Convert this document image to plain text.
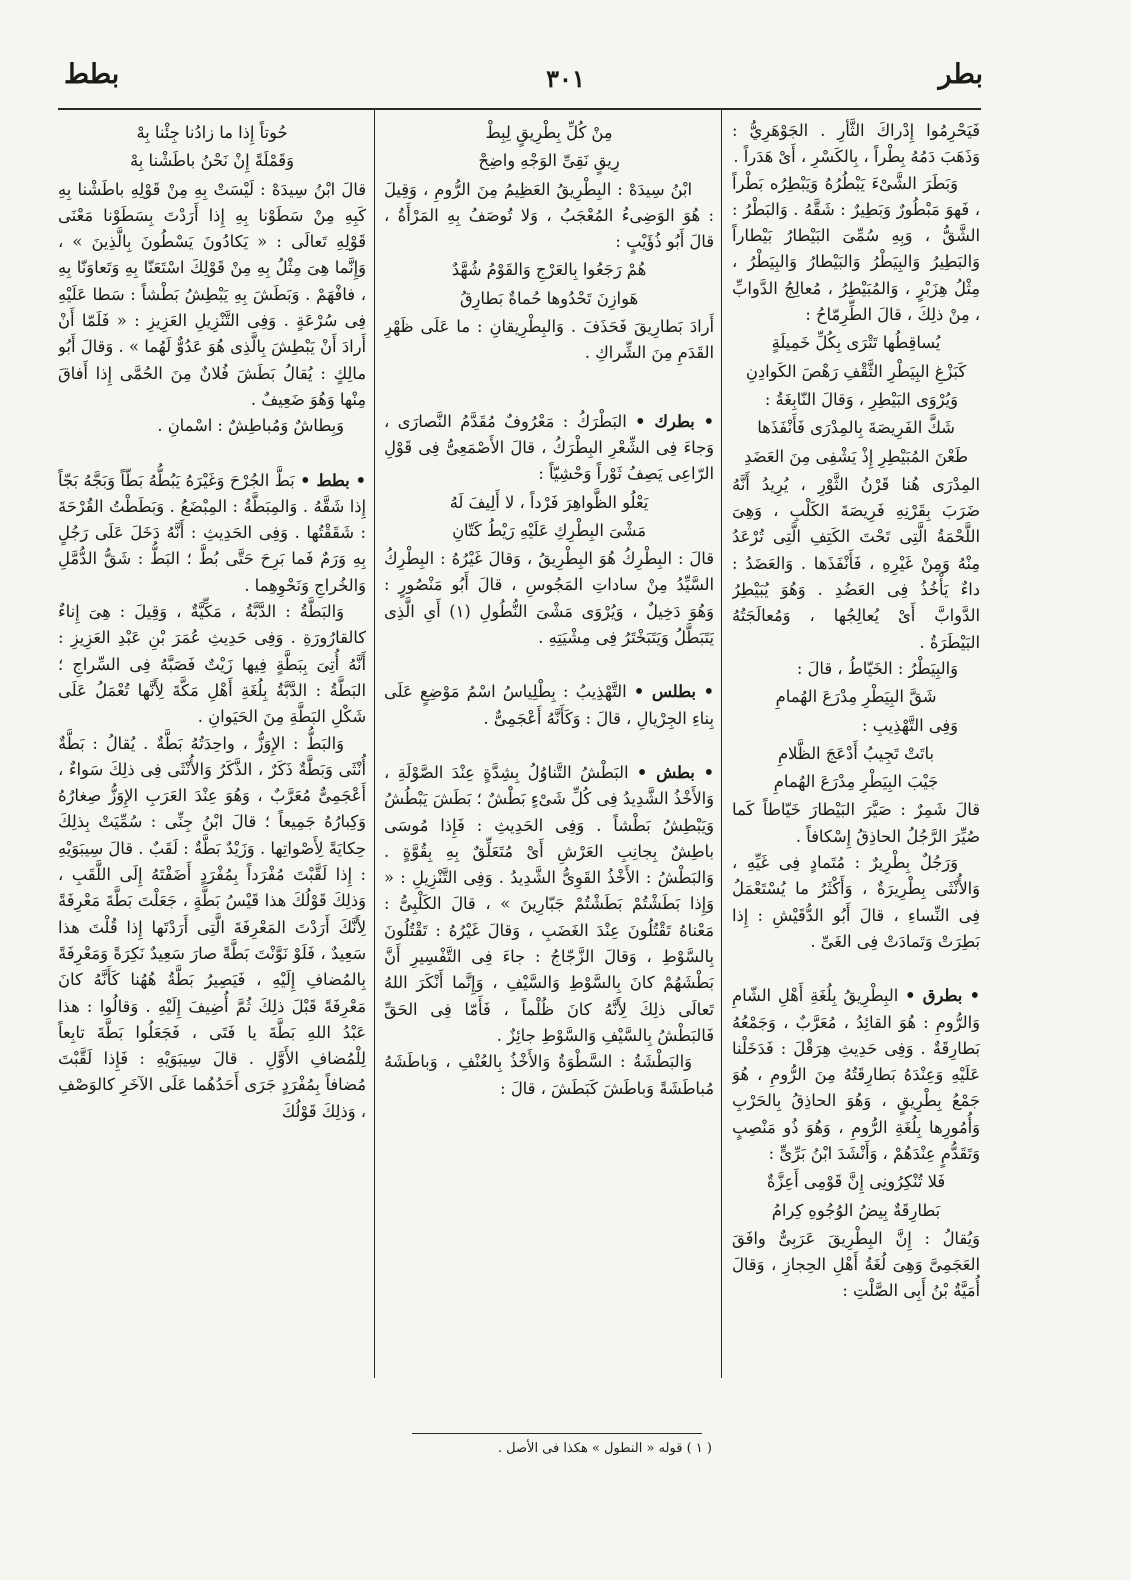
بطر
٣٠١
بطط

فَيَحْرِمُوا إِدْراكَ الثَّأْرِ . الجَوْهَرِيُّ : وَذَهَبَ دَمُهُ بِطْراً ، بِالكَسْرِ ، أَىْ هَدَراً .

وَبَطَرَ الشَّىْءَ يَبْطُرُهُ وَيَبْطِرُه بَطْراً ، فَهوَ مَبْطُورٌ وَبَطِيرٌ : شَقَّهُ . وَالبَطْرُ : الشَّقُّ ، وَبِهِ سُمِّىَ البَيْطارُ بَيْطاراً وَالبَطِيرُ وَالبِيَطْرُ وَالبَيْطارُ وَالبِيَطْرُ ، مِثْلُ هِزَبْرٍ ، وَالمُبَيْطِرُ ، مُعالِجُ الدَّوابِّ ، مِنْ ذلِكَ ، قالَ الطِّرِمّاحُ :

يُساقِطُها تَتْرَى بِكُلِّ خَمِيلَةٍ

كَبَزْغِ البِيَطْرِ الثَّقْفِ رَهْصَ الكَوادِنِ

وَيُرْوَى البَيْطِرِ ، وَقالَ النّابِغَةُ :

شَكَّ الفَرِيصَةَ بِالمِدْرَى فَأَنْفَذَها

طَعْنَ المُبَيْطِرِ إِذْ يَشْفِى مِنَ العَضَدِ

المِدْرَى هُنا قَرْنُ الثَّوْرِ ، يُرِيدُ أَنَّهُ ضَرَبَ بِقَرْنِهِ فَرِيصَةَ الكَلْبِ ، وَهِىَ اللَّحْمَةُ الَّتِى تَحْتَ الكَتِفِ الَّتِى تُرْعَدُ مِنْهُ وَمِنْ غَيْرِهِ ، فَأَنْفَذَها . وَالعَضَدُ : داءٌ يَأْخُذُ فِى العَضُدِ . وَهُوَ يُبَيْطِرُ الدَّوابَّ أَىْ يُعالِجُها ، وَمُعالَجَتُهُ البَيْطَرَةُ .

وَالبِيَطْرُ : الخَيّاطُ ، قالَ :

شَقَّ البِيَطْرِ مِدْرَعَ الهُمامِ

وَفِى التَّهْذِيبِ :

باتَتْ تَجِيبُ أَدْعَجَ الظَّلامِ

جَيْبَ البِيَطْرِ مِدْرَعَ الهُمامِ

قالَ شَمِرٌ : صَيَّرَ البَيْطارَ خَيّاطاً كَما صُيِّرَ الرَّجُلُ الحاذِقُ إِسْكافاً .

وَرَجُلٌ بِطْرِيرٌ : مُتَمادٍ فِى غَيِّهِ ، وَالأُنْثَى بِطْرِيرَةٌ ، وَأَكْثَرُ ما يُسْتَعْمَلُ فِى النِّساءِ ، قالَ أَبُو الدُّقَيْشِ : إِذا بَطِرَتْ وَتَمادَتْ فِى الغَىِّ .

• بطرق • البِطْرِيقُ بِلُغَةِ أَهْلِ الشّامِ وَالرُّومِ : هُوَ القائِدُ ، مُعَرَّبٌ ، وَجَمْعُهُ بَطارِقَةٌ . وَفِى حَدِيثِ هِرَقْلَ : فَدَخَلْنا عَلَيْهِ وَعِنْدَهُ بَطارِقَتُهُ مِنَ الرُّومِ ، هُوَ جَمْعُ بِطْرِيقٍ ، وَهُوَ الحاذِقُ بِالحَرْبِ وَأُمُورِها بِلُغَةِ الرُّومِ ، وَهُوَ ذُو مَنْصِبٍ وَتَقَدُّمٍ عِنْدَهُمْ ، وَأَنْشَدَ ابْنُ بَرِّىٍّ :

فَلا تُنْكِرُونِى إِنَّ قَوْمِى أَعِزَّةٌ

بَطارِقَةٌ بِيضُ الوُجُوهِ كِرامُ

وَيُقالُ : إِنَّ البِطْرِيقَ عَرَبِىٌّ وافَقَ العَجَمِىَّ وَهِىَ لُغَةُ أَهْلِ الحِجازِ ، وَقالَ أُمَيَّةُ بْنُ أَبِى الصَّلْتِ :

مِنْ كُلِّ بِطْرِيقٍ لِبِطْ

رِيقٍ نَقِىِّ الوَجْهِ واضِحْ

ابْنُ سِيدَهْ : البِطْرِيقُ العَظِيمُ مِنَ الرُّومِ ، وَقِيلَ : هُوَ الوَضِىءُ المُعْجَبُ ، وَلا تُوصَفُ بِهِ المَرْأَةُ ، قالَ أَبُو ذُؤَيْبٍ :

هُمْ رَجَعُوا بِالعَرْجِ وَالقَوْمُ شُهَّدٌ

هَوازِنَ تَحْدُوها حُماةٌ بَطارِقُ

أَرادَ بَطارِيقَ فَحَذَفَ . وَالبِطْرِيقانِ : ما عَلَى ظَهْرِ القَدَمِ مِنَ الشِّراكِ .

• بطرك • البَطْرَكُ : مَعْرُوفٌ مُقَدَّمُ النَّصارَى ، وَجاءَ فِى الشِّعْرِ البِطْرَكُ ، قالَ الأَصْمَعِىُّ فِى قَوْلِ الرّاعِى يَصِفُ ثَوْراً وَحْشِيّاً :

يَعْلُو الظَّواهِرَ فَرْداً ، لا أَلِيفَ لَهُ

مَشْىَ البِطْرِكِ عَلَيْهِ رَيْطُ كَتّانِ

قالَ : البِطْرِكُ هُوَ البِطْرِيقُ ، وَقالَ غَيْرُهُ : البِطْرِكُ السَّيِّدُ مِنْ ساداتِ المَجُوسِ ، قالَ أَبُو مَنْصُورٍ : وَهُوَ دَخِيلٌ ، وَيُرْوَى مَشْىَ النُّطُولِ (١) أَىِ الَّذِى يَتَبَطَّلُ وَيَتَبَخْتَرُ فِى مِشْيَتِهِ .

• بطلس • التَّهْذِيبُ : بِطْلِياسُ اسْمُ مَوْضِعٍ عَلَى بِناءِ الجِرْيالِ ، قالَ : وَكَأَنَّهُ أَعْجَمِىٌّ .

• بطش • البَطْشُ التَّناوُلُ بِشِدَّةٍ عِنْدَ الصَّوْلَةِ ، وَالأَخْذُ الشَّدِيدُ فِى كُلِّ شَىْءٍ بَطْشٌ ؛ بَطَشَ يَبْطُشُ وَيَبْطِشُ بَطْشاً . وَفِى الحَدِيثِ : فَإِذا مُوسَى باطِشٌ بِجانِبِ العَرْشِ أَىْ مُتَعَلِّقٌ بِهِ بِقُوَّةٍ . وَالبَطْشُ : الأَخْذُ القَوِىُّ الشَّدِيدُ . وَفِى التَّنْزِيلِ : « وَإِذا بَطَشْتُمْ بَطَشْتُمْ جَبّارِينَ » ، قالَ الكَلْبِىُّ : مَعْناهُ تَقْتُلُونَ عِنْدَ الغَضَبِ ، وَقالَ غَيْرُهُ : تَقْتُلُونَ بِالسَّوْطِ ، وَقالَ الزَّجّاجُ : جاءَ فِى التَّفْسِيرِ أَنَّ بَطْشَهُمْ كانَ بِالسَّوْطِ وَالسَّيْفِ ، وَإِنَّما أَنْكَرَ اللهُ تَعالَى ذلِكَ لِأَنَّهُ كانَ ظُلْماً ، فَأَمّا فِى الحَقِّ فَالبَطْشُ بِالسَّيْفِ وَالسَّوْطِ جائِزٌ .

وَالبَطْشَةُ : السَّطْوَةُ وَالأَخْذُ بِالعُنْفِ ، وَباطَشَهُ مُباطَشَةً وَباطَشَ كَبَطَشَ ، قالَ :

حُوتاً إِذا ما زادُنا جِئْنا بِهْ

وَقَمْلَةً إِنْ نَحْنُ باطَشْنا بِهْ

قالَ ابْنُ سِيدَهْ : لَيْسَتْ بِهِ مِنْ قَوْلِهِ باطَشْنا بِهِ كَبِهِ مِنْ سَطَوْنا بِهِ إِذا أَرَدْتَ بِسَطَوْنا مَعْنَى قَوْلِهِ تَعالَى : « يَكادُونَ يَسْطُونَ بِالَّذِينَ » ، وَإِنَّما هِىَ مِثْلُ بِهِ مِنْ قَوْلِكَ اسْتَعَنّا بِهِ وَتَعاوَنّا بِهِ ، فافْهَمْ . وَبَطَشَ بِهِ يَبْطِشُ بَطْشاً : سَطا عَلَيْهِ فِى سُرْعَةٍ . وَفِى التَّنْزِيلِ العَزِيزِ : « فَلَمّا أَنْ أَرادَ أَنْ يَبْطِشَ بِالَّذِى هُوَ عَدُوٌّ لَهُما » . وَقالَ أَبُو مالِكٍ : يُقالُ بَطَشَ فُلانٌ مِنَ الحُمَّى إِذا أَفاقَ مِنْها وَهُوَ ضَعِيفٌ .

وَبِطاشٌ وَمُباطِشٌ : اسْمانِ .

• بطط • بَطَّ الجُرْحَ وَغَيْرَهُ يَبُطُّهُ بَطّاً وَبَجَّهُ بَجّاً إِذا شَقَّهُ . وَالمِبَطَّةُ : المِبْضَعُ . وَبَطَطْتُ القُرْحَةَ : شَقَقْتُها . وَفِى الحَدِيثِ : أَنَّهُ دَخَلَ عَلَى رَجُلٍ بِهِ وَرَمٌ فَما بَرِحَ حَتَّى بُطَّ ؛ البَطُّ : شَقُّ الدُّمَّلِ وَالخُراجِ وَنَحْوِهِما .

وَالبَطَّةُ : الدَّبَّةُ ، مَكِّيَّةٌ ، وَقِيلَ : هِىَ إِناءٌ كالقارُورَةِ . وَفِى حَدِيثِ عُمَرَ بْنِ عَبْدِ العَزِيزِ : أَنَّهُ أُتِىَ بِبَطَّةٍ فِيها زَيْتٌ فَصَبَّهُ فِى السِّراجِ ؛ البَطَّةُ : الدَّبَّةُ بِلُغَةِ أَهْلِ مَكَّةَ لِأَنَّها تُعْمَلُ عَلَى شَكْلِ البَطَّةِ مِنَ الحَيَوانِ .

وَالبَطُّ : الإِوَزُّ ، واحِدَتُهُ بَطَّةٌ . يُقالُ : بَطَّةٌ أُنْثَى وَبَطَّةٌ ذَكَرٌ ، الذَّكَرُ وَالأُنْثَى فِى ذلِكَ سَواءٌ ، أَعْجَمِىٌّ مُعَرَّبٌ ، وَهُوَ عِنْدَ العَرَبِ الإِوَزُّ صِغارُهُ وَكِبارُهُ جَمِيعاً ؛ قالَ ابْنُ جِنِّى : سُمِّيَتْ بِذلِكَ حِكايَةً لِأَصْواتِها . وَزَيْدٌ بَطَّةٌ : لَقَبٌ . قالَ سِيبَوَيْهِ : إِذا لَقَّبْتَ مُفْرَداً بِمُفْرَدٍ أَضَفْتَهُ إِلَى اللَّقَبِ ، وَذلِكَ قَوْلُكَ هذا قَيْسُ بَطَّةٍ ، جَعَلْتَ بَطَّةَ مَعْرِفَةً لِأَنَّكَ أَرَدْتَ المَعْرِفَةَ الَّتِى أَرَدْتَها إِذا قُلْتَ هذا سَعِيدٌ ، فَلَوْ نَوَّنْتَ بَطَّةً صارَ سَعِيدٌ نَكِرَةً وَمَعْرِفَةً بِالمُضافِ إِلَيْهِ ، فَيَصِيرُ بَطَّةُ هُهُنا كَأَنَّهُ كانَ مَعْرِفَةً قَبْلَ ذلِكَ ثُمَّ أُضِيفَ إِلَيْهِ . وَقالُوا : هذا عَبْدُ اللهِ بَطَّةَ يا فَتَى ، فَجَعَلُوا بَطَّةَ تابِعاً لِلْمُضافِ الأَوَّلِ . قالَ سِيبَوَيْهِ : فَإِذا لَقَّبْتَ مُضافاً بِمُفْرَدٍ جَرَى أَحَدُهُما عَلَى الآخَرِ كالوَصْفِ ، وَذلِكَ قَوْلُكَ

( ١ ) قوله « النطول » هكذا فى الأصل .
